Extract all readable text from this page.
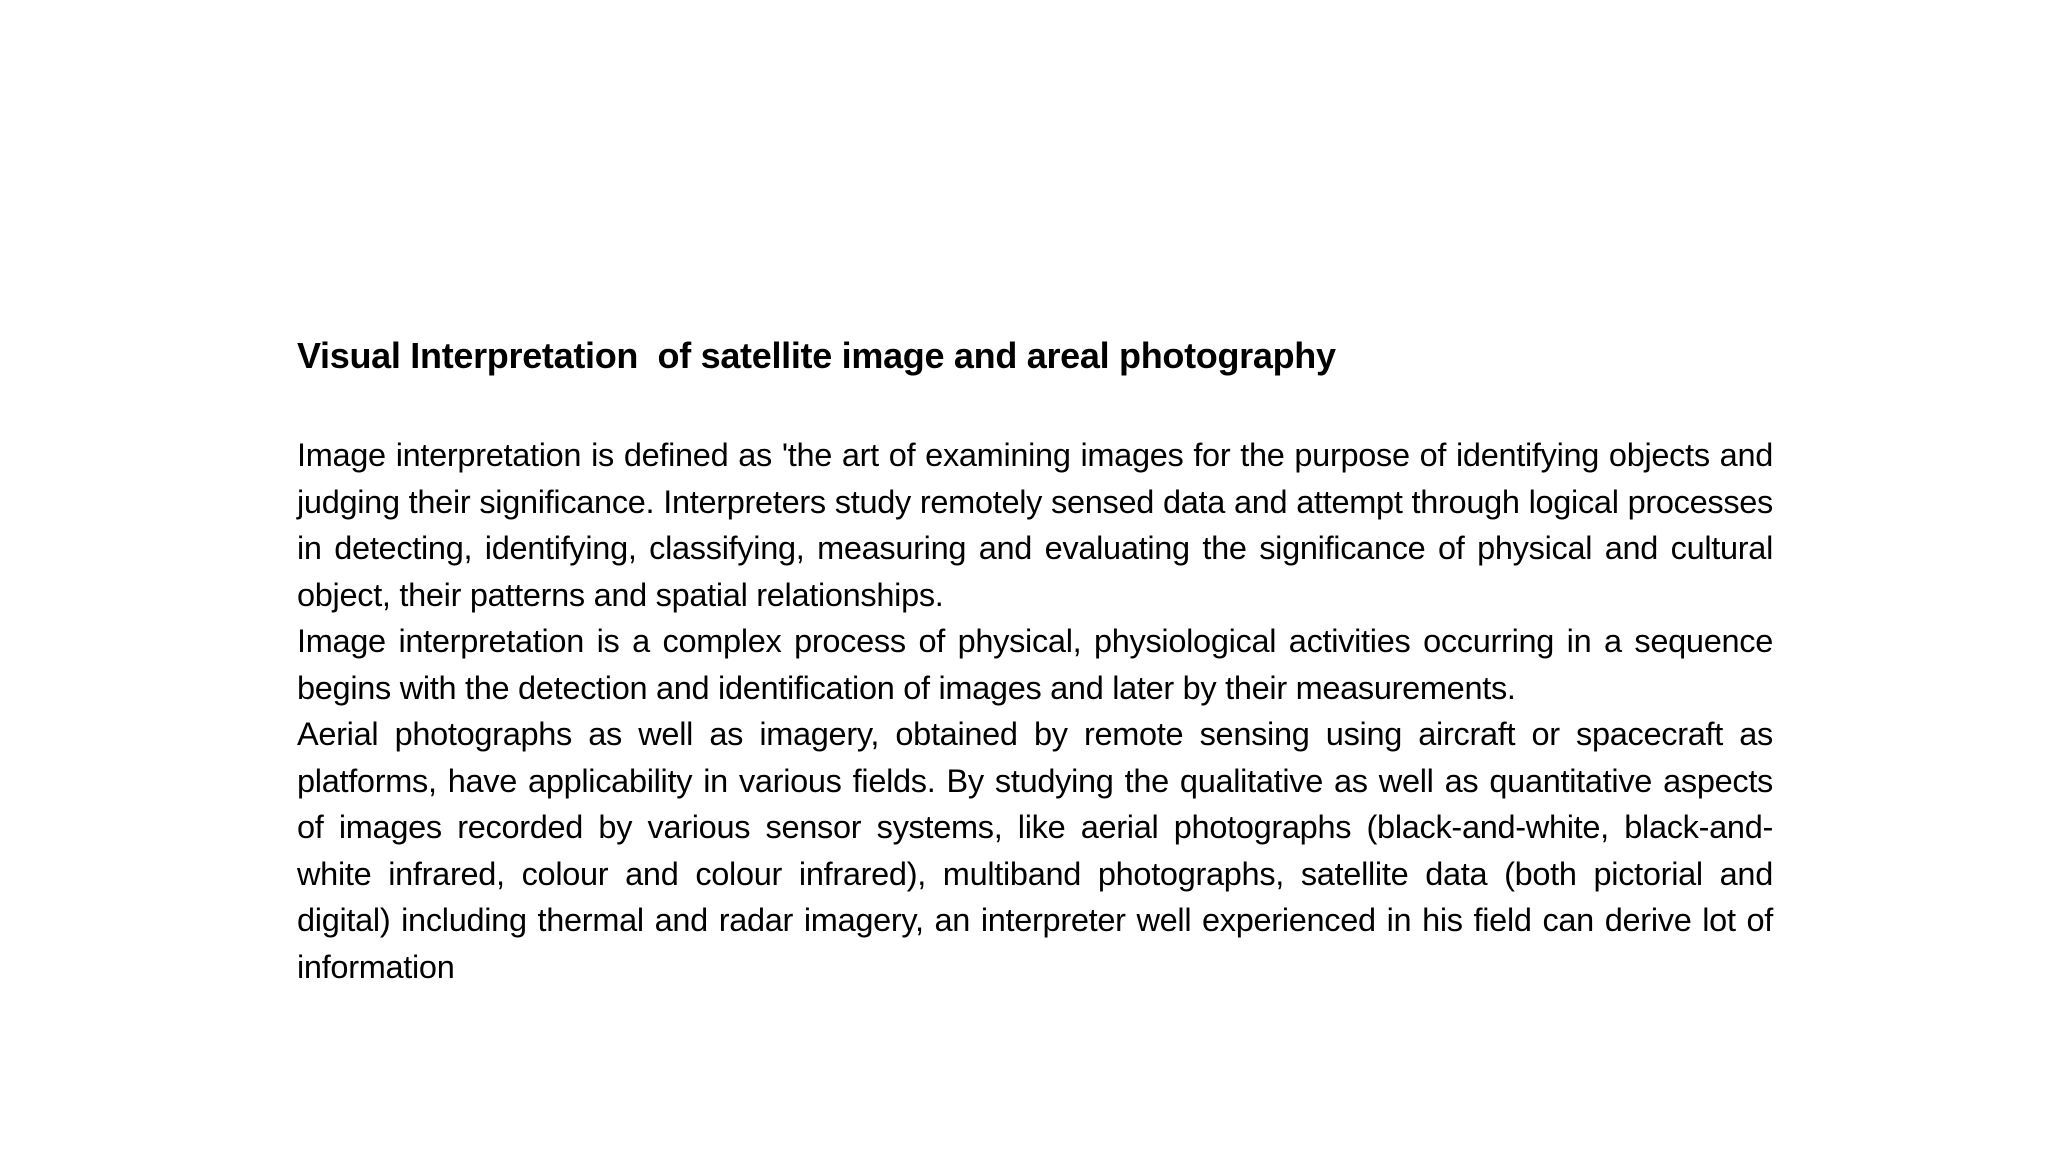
Visual Interpretation  of satellite image and areal photography

Image interpretation is defined as 'the art of examining images for the purpose of identifying objects and judging their significance. Interpreters study remotely sensed data and attempt through logical processes in detecting, identifying, classifying, measuring and evaluating the significance of physical and cultural object, their patterns and spatial relationships.

Image interpretation is a complex process of physical, physiological activities occurring in a sequence begins with the detection and identification of images and later by their measurements.

Aerial photographs as well as imagery, obtained by remote sensing using aircraft or spacecraft as platforms, have applicability in various fields. By studying the qualitative as well as quantitative aspects of images recorded by various sensor systems, like aerial photographs (black-and-white, black-and-white infrared, colour and colour infrared), multiband photographs, satellite data (both pictorial and digital) including thermal and radar imagery, an interpreter well experienced in his field can derive lot of information
